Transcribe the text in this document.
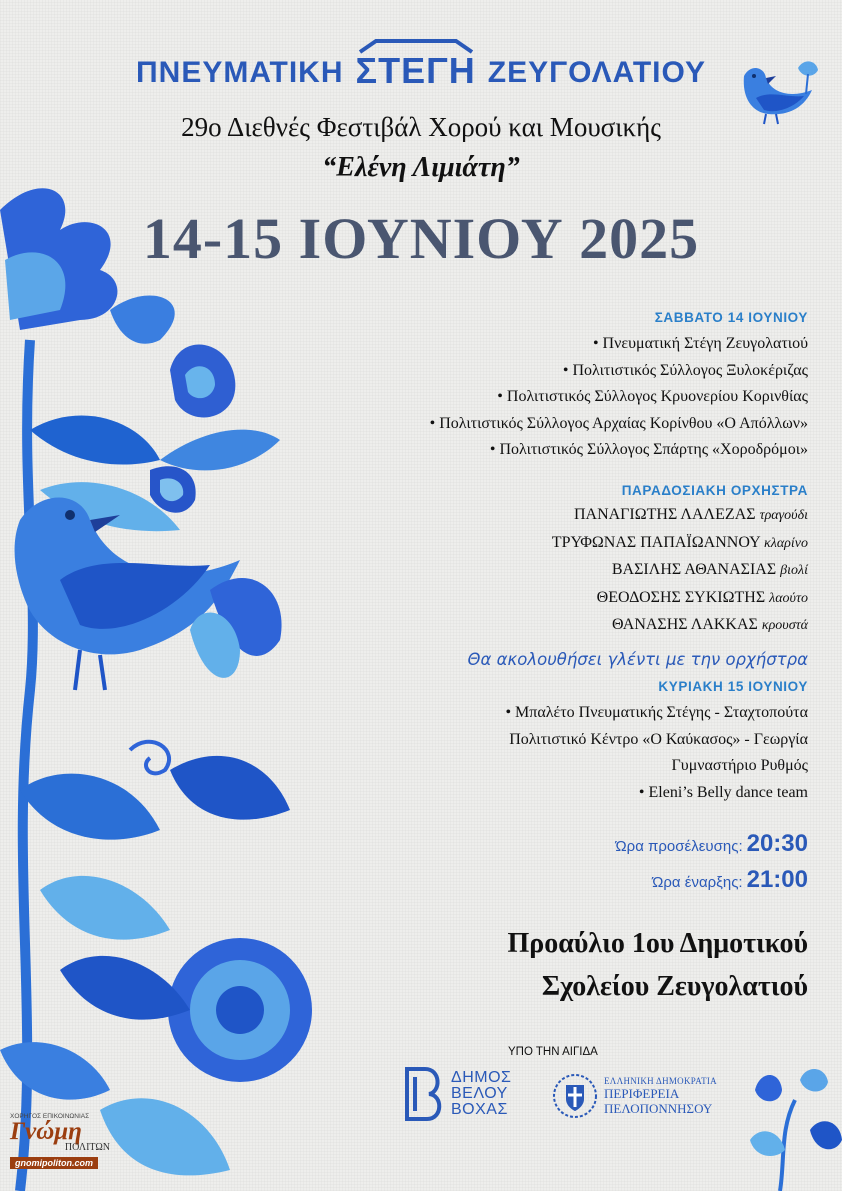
ΠΝΕΥΜΑΤΙΚΗ ΣΤΕΓΗ ΖΕΥΓΟΛΑΤΙΟΥ
29ο Διεθνές Φεστιβάλ Χορού και Μουσικής
“Ελένη Λιμιάτη”
14-15 ΙΟΥΝΙΟΥ 2025
ΣΑΒΒΑΤΟ 14 ΙΟΥΝΙΟΥ
• Πνευματική Στέγη Ζευγολατιού
• Πολιτιστικός Σύλλογος Ξυλοκέριζας
• Πολιτιστικός Σύλλογος Κρυονερίου Κορινθίας
• Πολιτιστικός Σύλλογος Αρχαίας Κορίνθου «Ο Απόλλων»
• Πολιτιστικός Σύλλογος Σπάρτης «Χοροδρόμοι»
ΠΑΡΑΔΟΣΙΑΚΗ ΟΡΧΗΣΤΡΑ
ΠΑΝΑΓΙΩΤΗΣ ΛΑΛΕΖΑΣ τραγούδι
ΤΡΥΦΩΝΑΣ ΠΑΠΑΪΩΑΝΝΟΥ κλαρίνο
ΒΑΣΙΛΗΣ ΑΘΑΝΑΣΙΑΣ βιολί
ΘΕΟΔΟΣΗΣ ΣΥΚΙΩΤΗΣ λαούτο
ΘΑΝΑΣΗΣ ΛΑΚΚΑΣ κρουστά
Θα ακολουθήσει γλέντι με την ορχήστρα
ΚΥΡΙΑΚΗ 15 ΙΟΥΝΙΟΥ
• Μπαλέτο Πνευματικής Στέγης - Σταχτοπούτα
Πολιτιστικό Κέντρο «Ο Καύκασος» - Γεωργία
Γυμναστήριο Ρυθμός
• Eleni’s Belly dance team
Ώρα προσέλευσης: 20:30
Ώρα έναρξης: 21:00
Προαύλιο 1ου Δημοτικού
Σχολείου Ζευγολατιού
ΥΠΟ ΤΗΝ ΑΙΓΙΔΑ
ΔΗΜΟΣ
ΒΕΛΟΥ
ΒΟΧΑΣ
ΕΛΛΗΝΙΚΗ ΔΗΜΟΚΡΑΤΙΑ
ΠΕΡΙΦΕΡΕΙΑ
ΠΕΛΟΠΟΝΝΗΣΟΥ
ΧΟΡΗΓΟΣ ΕΠΙΚΟΙΝΩΝΙΑΣ
Γνώμη
ΠΟΛΙΤΩΝ
gnomipoliton.com
